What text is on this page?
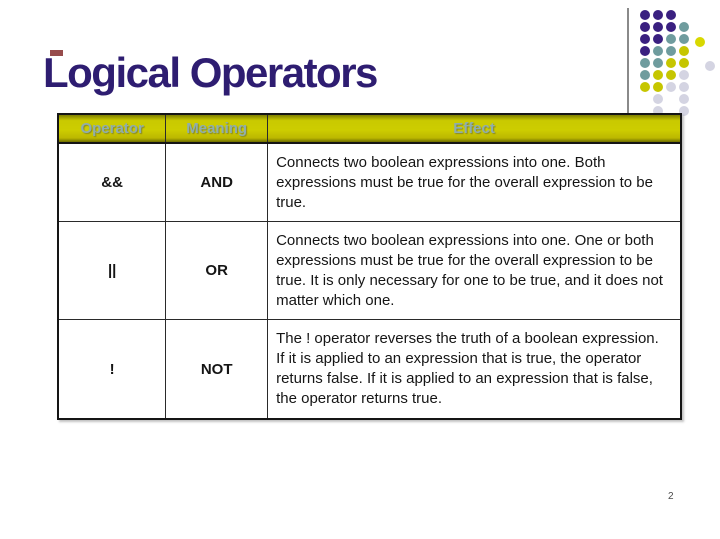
Logical Operators
Operator	Meaning	Effect
&&	AND	Connects two boolean expressions into one. Both expressions must be true for the overall expression to be true.
||	OR	Connects two boolean expressions into one. One or both expressions must be true for the overall expression to be true. It is only necessary for one to be true, and it does not matter which one.
!	NOT	The ! operator reverses the truth of a boolean expression.  If it is applied to an expression that is true, the operator returns false. If it is applied to an expression that is false, the operator returns true.
2
